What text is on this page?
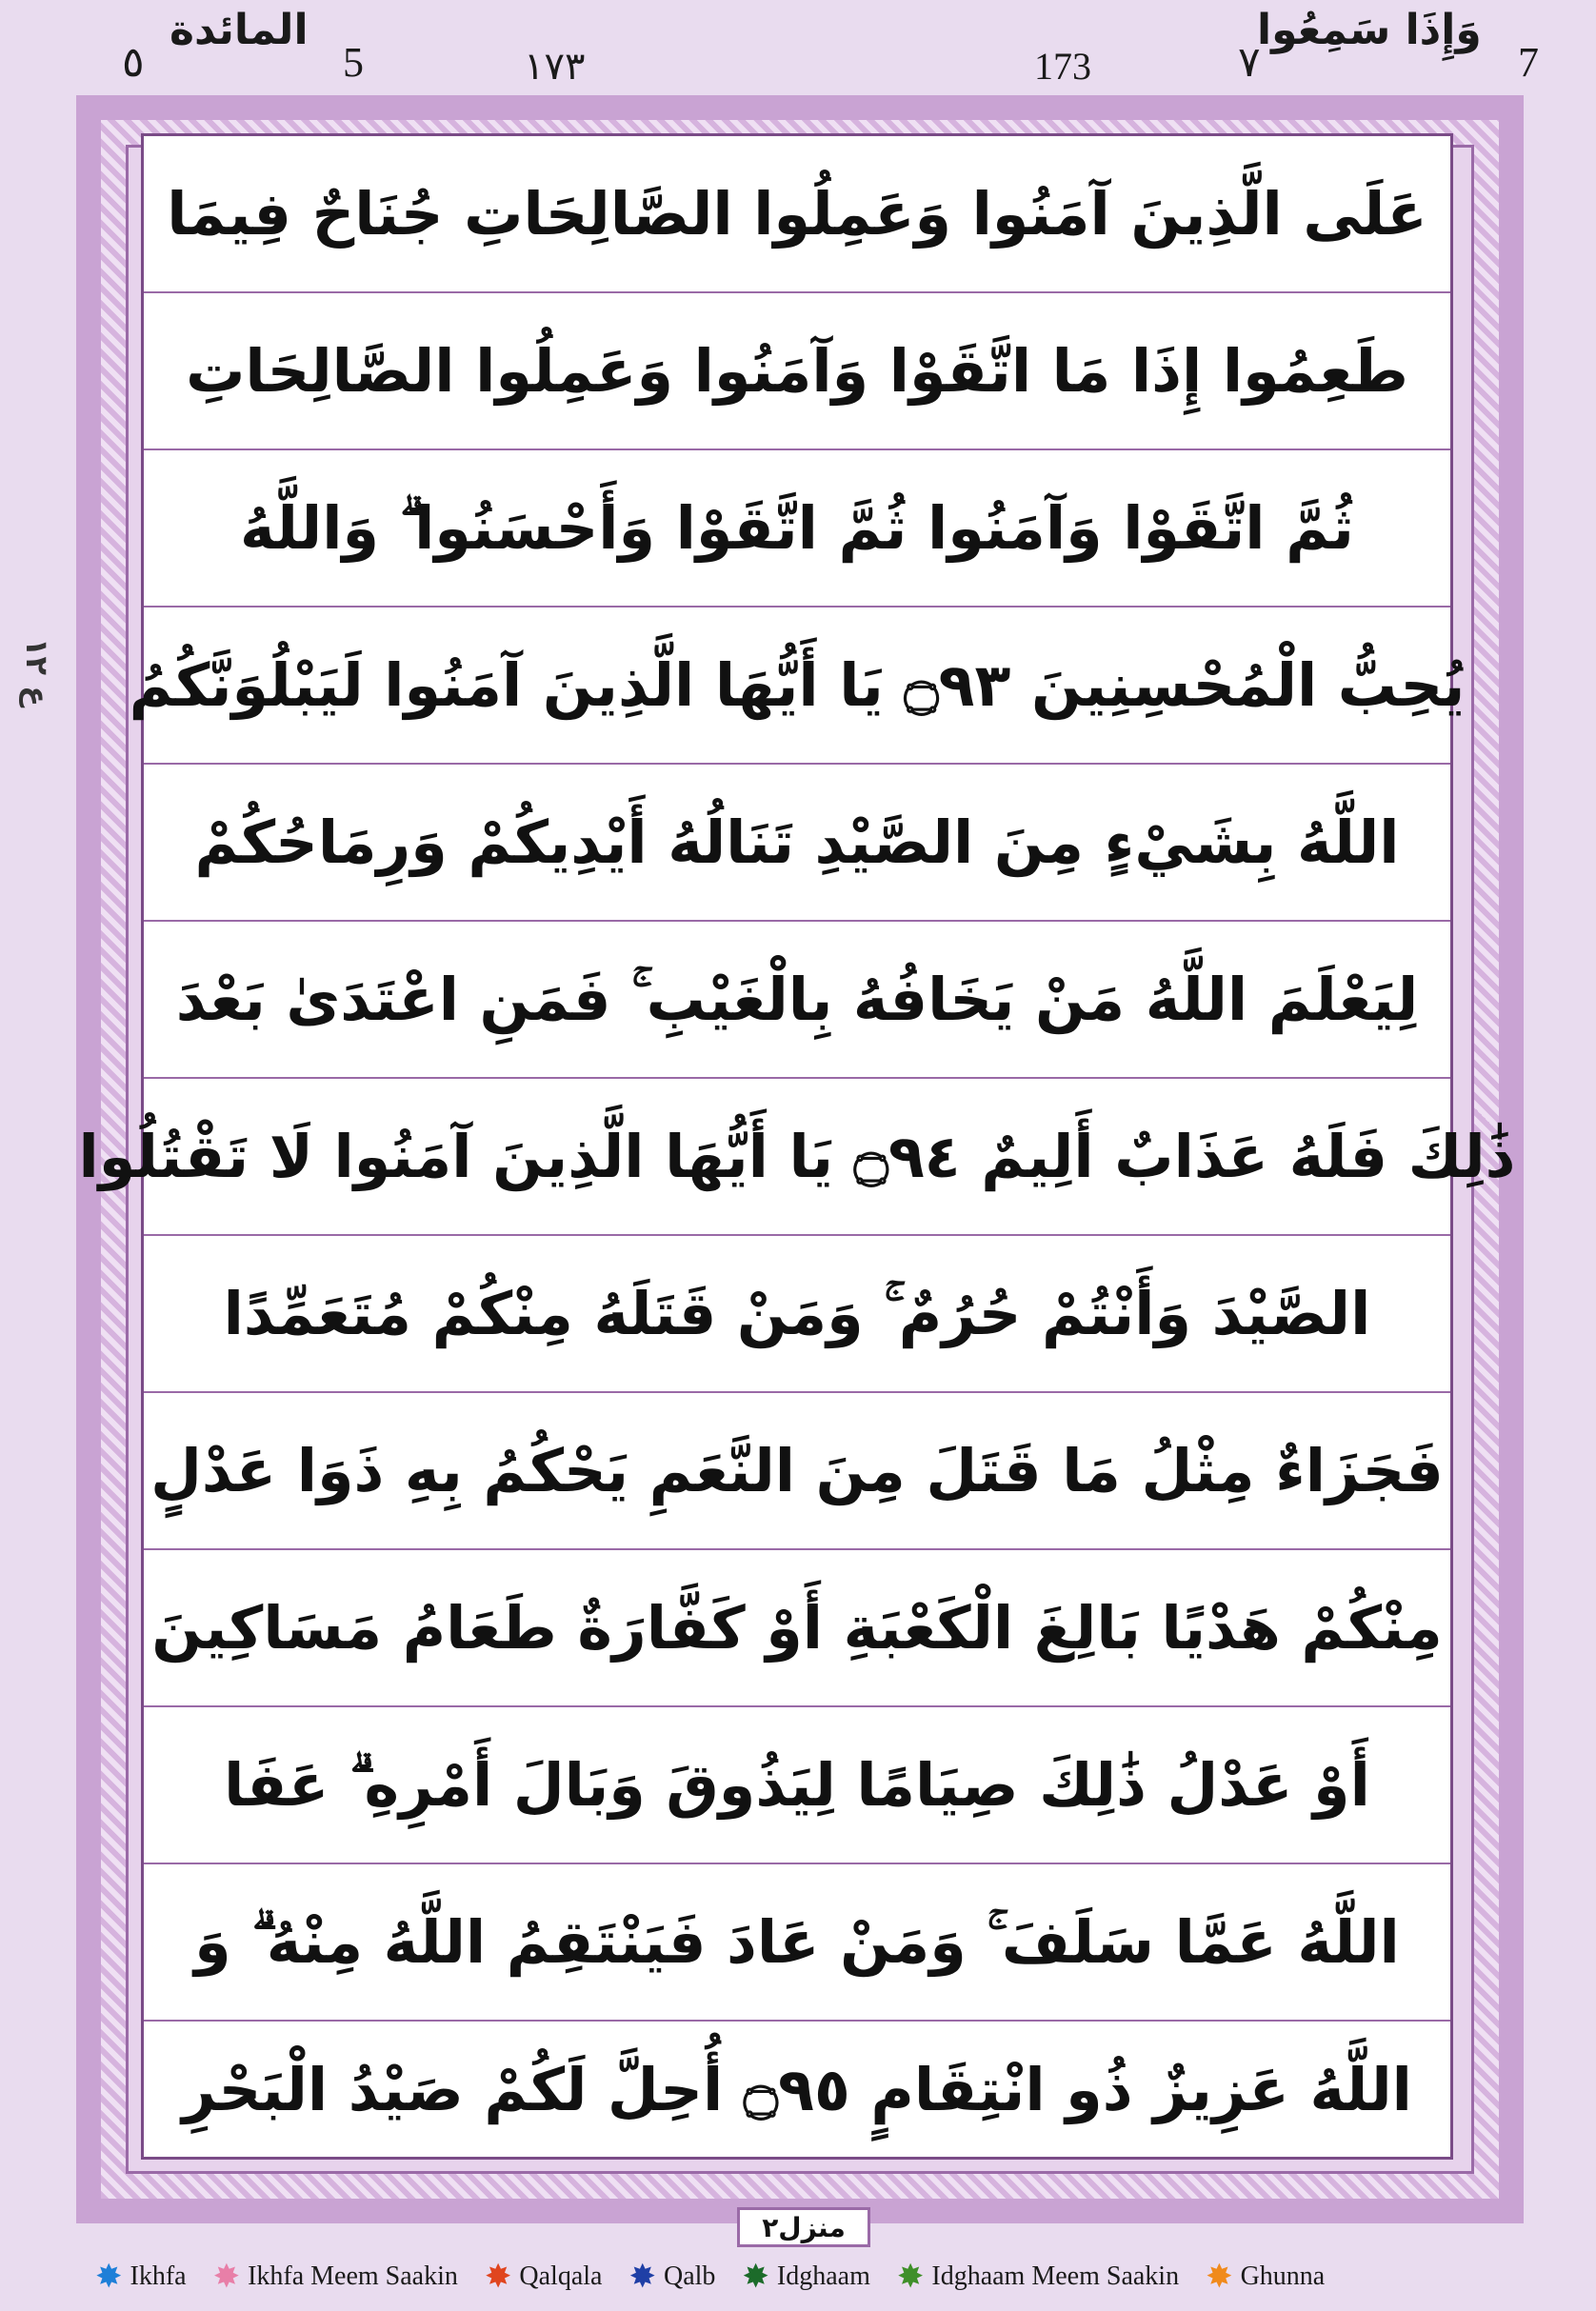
7
وَإِذَا سَمِعُوا
٧
173
١٧٣
5
المائدة
٥
ع ١٢
عَلَى الَّذِينَ آمَنُوا وَعَمِلُوا الصَّالِحَاتِ جُنَاحٌ فِيمَا
طَعِمُوا إِذَا مَا اتَّقَوْا وَآمَنُوا وَعَمِلُوا الصَّالِحَاتِ
ثُمَّ اتَّقَوْا وَآمَنُوا ثُمَّ اتَّقَوْا وَأَحْسَنُوا ۗ وَاللَّهُ
يُحِبُّ الْمُحْسِنِينَ ۝٩٣ يَا أَيُّهَا الَّذِينَ آمَنُوا لَيَبْلُوَنَّكُمُ
اللَّهُ بِشَيْءٍ مِنَ الصَّيْدِ تَنَالُهُ أَيْدِيكُمْ وَرِمَاحُكُمْ
لِيَعْلَمَ اللَّهُ مَنْ يَخَافُهُ بِالْغَيْبِ ۚ فَمَنِ اعْتَدَىٰ بَعْدَ
ذَٰلِكَ فَلَهُ عَذَابٌ أَلِيمٌ ۝٩٤ يَا أَيُّهَا الَّذِينَ آمَنُوا لَا تَقْتُلُوا
الصَّيْدَ وَأَنْتُمْ حُرُمٌ ۚ وَمَنْ قَتَلَهُ مِنْكُمْ مُتَعَمِّدًا
فَجَزَاءٌ مِثْلُ مَا قَتَلَ مِنَ النَّعَمِ يَحْكُمُ بِهِ ذَوَا عَدْلٍ
مِنْكُمْ هَدْيًا بَالِغَ الْكَعْبَةِ أَوْ كَفَّارَةٌ طَعَامُ مَسَاكِينَ
أَوْ عَدْلُ ذَٰلِكَ صِيَامًا لِيَذُوقَ وَبَالَ أَمْرِهِ ۗ عَفَا
اللَّهُ عَمَّا سَلَفَ ۚ وَمَنْ عَادَ فَيَنْتَقِمُ اللَّهُ مِنْهُ ۗ وَ
اللَّهُ عَزِيزٌ ذُو انْتِقَامٍ ۝٩٥ أُحِلَّ لَكُمْ صَيْدُ الْبَحْرِ
منزل٢
✸ Ikhfa ✸ Ikhfa Meem Saakin ✸ Qalqala ✸ Qalb ✸ Idghaam ✸ Idghaam Meem Saakin ✸ Ghunna
